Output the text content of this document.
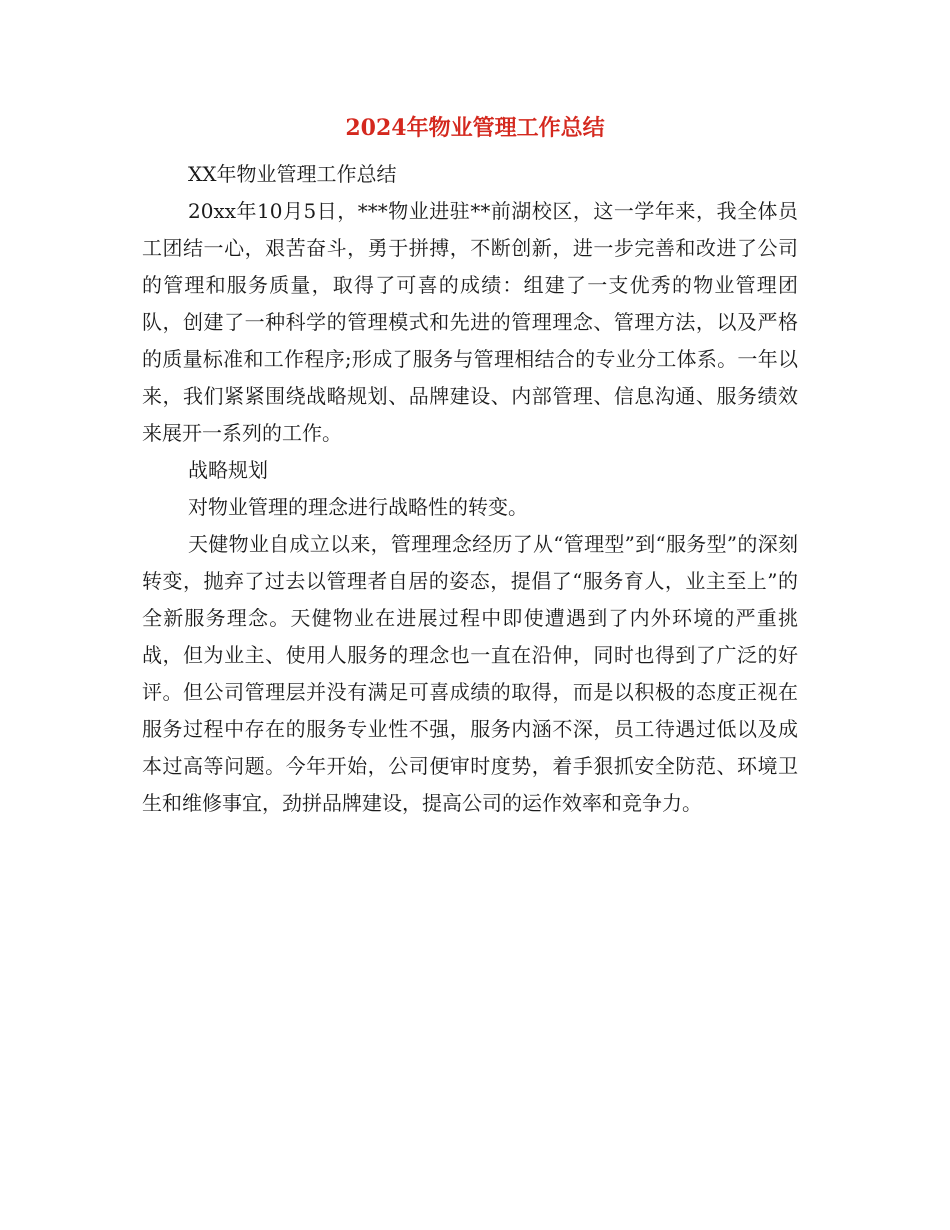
2024年物业管理工作总结

XX年物业管理工作总结

20xx年10月5日，***物业进驻**前湖校区，这一学年来，我全体员工团结一心，艰苦奋斗，勇于拼搏，不断创新，进一步完善和改进了公司的管理和服务质量，取得了可喜的成绩：组建了一支优秀的物业管理团队，创建了一种科学的管理模式和先进的管理理念、管理方法，以及严格的质量标准和工作程序;形成了服务与管理相结合的专业分工体系。一年以来，我们紧紧围绕战略规划、品牌建设、内部管理、信息沟通、服务绩效来展开一系列的工作。

战略规划

对物业管理的理念进行战略性的转变。

天健物业自成立以来，管理理念经历了从“管理型”到“服务型”的深刻转变，抛弃了过去以管理者自居的姿态，提倡了“服务育人，业主至上”的全新服务理念。天健物业在进展过程中即使遭遇到了内外环境的严重挑战，但为业主、使用人服务的理念也一直在沿伸，同时也得到了广泛的好评。但公司管理层并没有满足可喜成绩的取得，而是以积极的态度正视在服务过程中存在的服务专业性不强，服务内涵不深，员工待遇过低以及成本过高等问题。今年开始，公司便审时度势，着手狠抓安全防范、环境卫生和维修事宜，劲拼品牌建设，提高公司的运作效率和竞争力。
